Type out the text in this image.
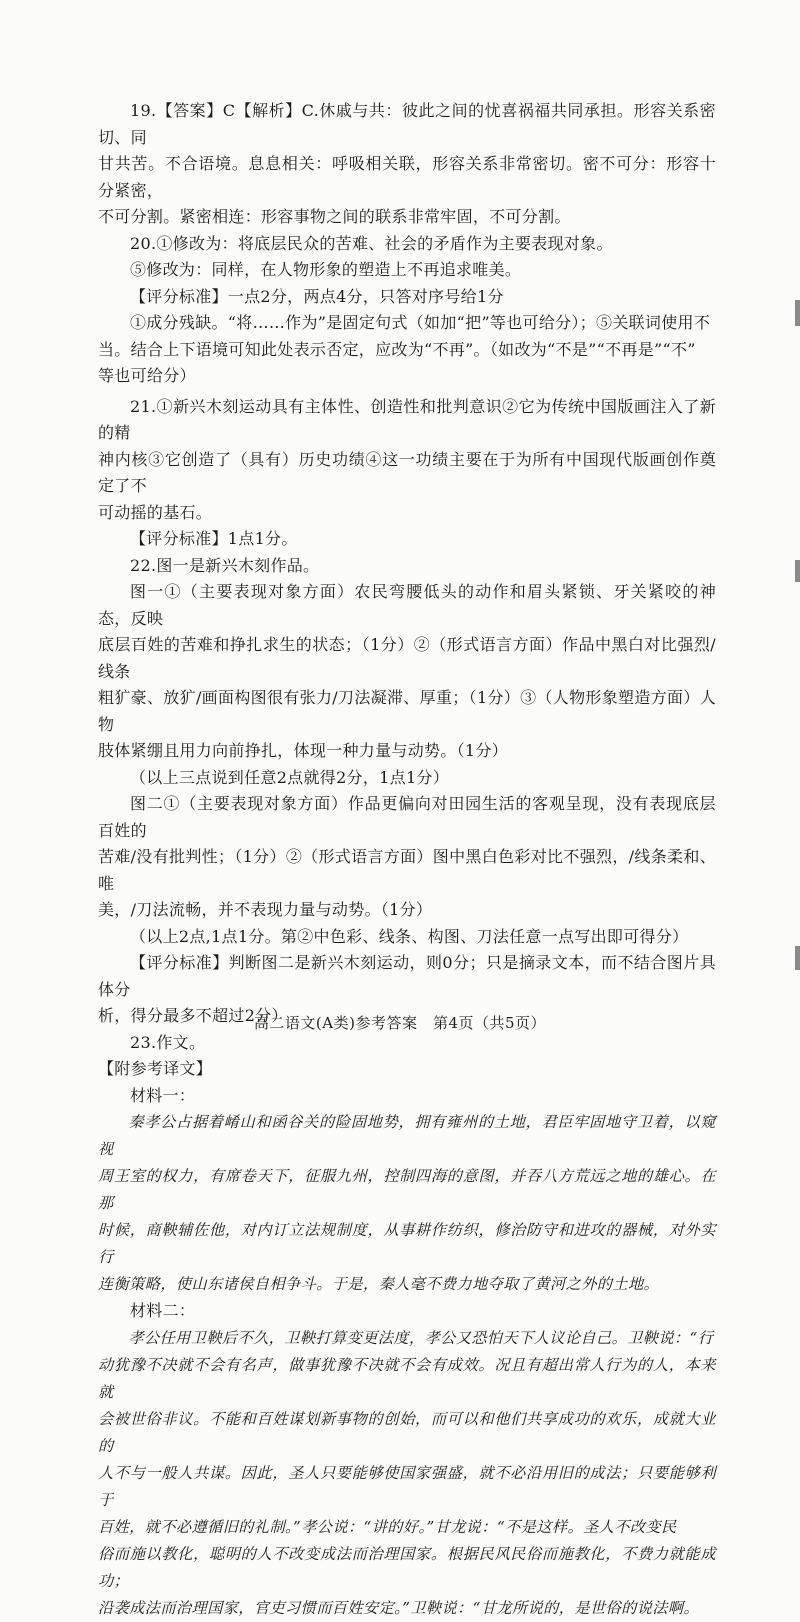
19.【答案】C【解析】C.休戚与共：彼此之间的忧喜祸福共同承担。形容关系密切、同

甘共苦。不合语境。息息相关：呼吸相关联，形容关系非常密切。密不可分：形容十分紧密，

不可分割。紧密相连：形容事物之间的联系非常牢固，不可分割。

20.①修改为：将底层民众的苦难、社会的矛盾作为主要表现对象。

⑤修改为：同样，在人物形象的塑造上不再追求唯美。

【评分标准】一点2分，两点4分，只答对序号给1分

①成分残缺。“将……作为”是固定句式（如加“把”等也可给分）；⑤关联词使用不

当。结合上下语境可知此处表示否定，应改为“不再”。（如改为“不是”“不再是”“不”

等也可给分）

21.①新兴木刻运动具有主体性、创造性和批判意识②它为传统中国版画注入了新的精

神内核③它创造了（具有）历史功绩④这一功绩主要在于为所有中国现代版画创作奠定了不

可动摇的基石。

【评分标准】1点1分。

22.图一是新兴木刻作品。

图一①（主要表现对象方面）农民弯腰低头的动作和眉头紧锁、牙关紧咬的神态，反映

底层百姓的苦难和挣扎求生的状态；（1分）②（形式语言方面）作品中黑白对比强烈/线条

粗犷豪、放犷/画面构图很有张力/刀法凝滞、厚重；（1分）③（人物形象塑造方面）人物

肢体紧绷且用力向前挣扎，体现一种力量与动势。（1分）

（以上三点说到任意2点就得2分，1点1分）

图二①（主要表现对象方面）作品更偏向对田园生活的客观呈现，没有表现底层百姓的

苦难/没有批判性；（1分）②（形式语言方面）图中黑白色彩对比不强烈，/线条柔和、唯

美，/刀法流畅，并不表现力量与动势。（1分）

（以上2点,1点1分。第②中色彩、线条、构图、刀法任意一点写出即可得分）

【评分标准】判断图二是新兴木刻运动，则0分；只是摘录文本，而不结合图片具体分

析，得分最多不超过2分）

23.作文。

【附参考译文】

材料一：

秦孝公占据着崤山和函谷关的险固地势，拥有雍州的土地，君臣牢固地守卫着，以窥视

周王室的权力，有席卷天下，征服九州，控制四海的意图，并吞八方荒远之地的雄心。在那

时候，商鞅辅佐他，对内订立法规制度，从事耕作纺织，修治防守和进攻的器械，对外实行

连衡策略，使山东诸侯自相争斗。于是，秦人毫不费力地夺取了黄河之外的土地。

材料二：

孝公任用卫鞅后不久，卫鞅打算变更法度，孝公又恐怕天下人议论自己。卫鞅说：“行

动犹豫不决就不会有名声，做事犹豫不决就不会有成效。况且有超出常人行为的人，本来就

会被世俗非议。不能和百姓谋划新事物的创始，而可以和他们共享成功的欢乐，成就大业的

人不与一般人共谋。因此，圣人只要能够使国家强盛，就不必沿用旧的成法；只要能够利于

百姓，就不必遵循旧的礼制。”孝公说：“讲的好。”甘龙说：“不是这样。圣人不改变民

俗而施以教化，聪明的人不改变成法而治理国家。根据民风民俗而施教化，不费力就能成功；

沿袭成法而治理国家，官吏习惯而百姓安定。”卫鞅说：“甘龙所说的，是世俗的说法啊。

高二语文(A类)参考答案　第4页（共5页）
